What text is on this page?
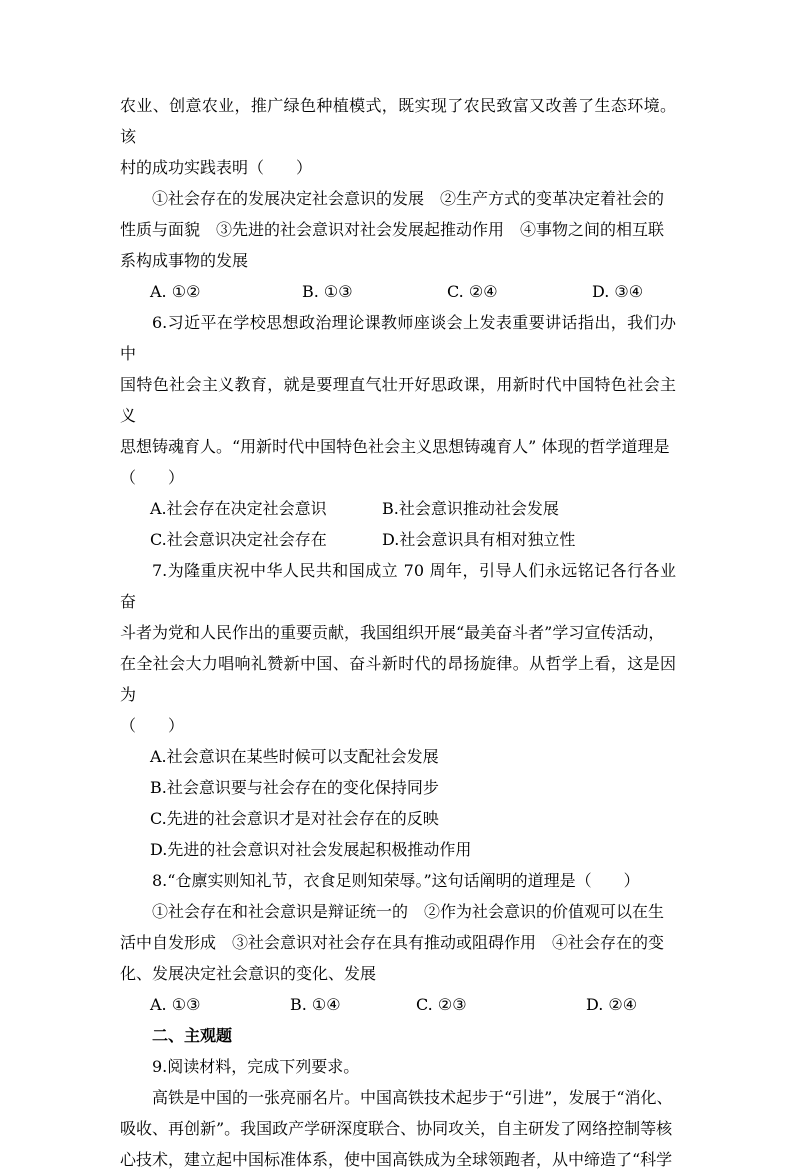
农业、创意农业，推广绿色种植模式，既实现了农民致富又改善了生态环境。该

村的成功实践表明（　　）

①社会存在的发展决定社会意识的发展　②生产方式的变革决定着社会的

性质与面貌　③先进的社会意识对社会发展起推动作用　④事物之间的相互联

系构成事物的发展

A. ①②	B. ①③	C. ②④	D. ③④

6.习近平在学校思想政治理论课教师座谈会上发表重要讲话指出，我们办中

国特色社会主义教育，就是要理直气壮开好思政课，用新时代中国特色社会主义

思想铸魂育人。“用新时代中国特色社会主义思想铸魂育人” 体现的哲学道理是

（　　）

A.社会存在决定社会意识	B.社会意识推动社会发展
C.社会意识决定社会存在	D.社会意识具有相对独立性

7.为隆重庆祝中华人民共和国成立 70 周年，引导人们永远铭记各行各业奋

斗者为党和人民作出的重要贡献，我国组织开展“最美奋斗者”学习宣传活动，

在全社会大力唱响礼赞新中国、奋斗新时代的昂扬旋律。从哲学上看，这是因为

（　　）

A.社会意识在某些时候可以支配社会发展

B.社会意识要与社会存在的变化保持同步

C.先进的社会意识才是对社会存在的反映

D.先进的社会意识对社会发展起积极推动作用

8.“仓廪实则知礼节，衣食足则知荣辱。”这句话阐明的道理是（　　）

①社会存在和社会意识是辩证统一的　②作为社会意识的价值观可以在生

活中自发形成　③社会意识对社会存在具有推动或阻碍作用　④社会存在的变

化、发展决定社会意识的变化、发展

A. ①③	B. ①④	C. ②③	D. ②④

二、主观题

9.阅读材料，完成下列要求。

高铁是中国的一张亮丽名片。中国高铁技术起步于“引进”，发展于“消化、

吸收、再创新”。我国政产学研深度联合、协同攻关，自主研发了网络控制等核

心技术，建立起中国标准体系，使中国高铁成为全球领跑者，从中缔造了“科学
